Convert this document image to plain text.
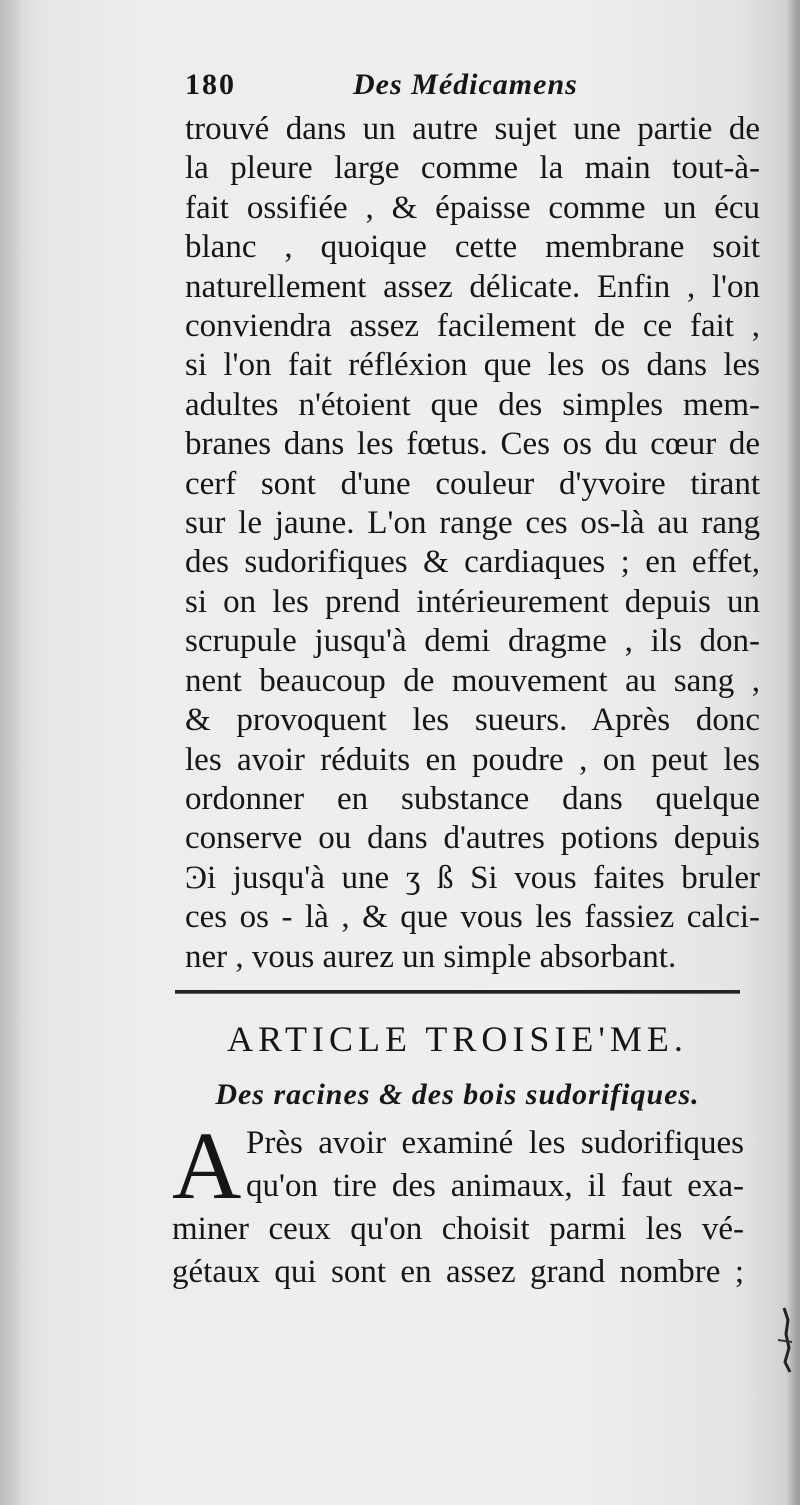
180	Des Médicamens
trouvé dans un autre sujet une partie de
la pleure large comme la main tout-à-
fait ossifiée , & épaisse comme un écu
blanc , quoique cette membrane soit
naturellement assez délicate. Enfin , l'on
conviendra assez facilement de ce fait ,
si l'on fait réfléxion que les os dans les
adultes n'étoient que des simples mem-
branes dans les fœtus. Ces os du cœur de
cerf sont d'une couleur d'yvoire tirant
sur le jaune. L'on range ces os-là au rang
des sudorifiques & cardiaques ; en effet,
si on les prend intérieurement depuis un
scrupule jusqu'à demi dragme , ils don-
nent beaucoup de mouvement au sang ,
& provoquent les sueurs. Après donc
les avoir réduits en poudre , on peut les
ordonner en substance dans quelque
conserve ou dans d'autres potions depuis
Ͽi jusqu'à une ʒ ß Si vous faites bruler
ces os - là , & que vous les fassiez calci-
ner , vous aurez un simple absorbant.
ARTICLE TROISIE'ME.
Des racines & des bois sudorifiques.
A Près avoir examiné les sudorifiques
qu'on tire des animaux, il faut exa-
miner ceux qu'on choisit parmi les vé-
gétaux qui sont en assez grand nombre ;
